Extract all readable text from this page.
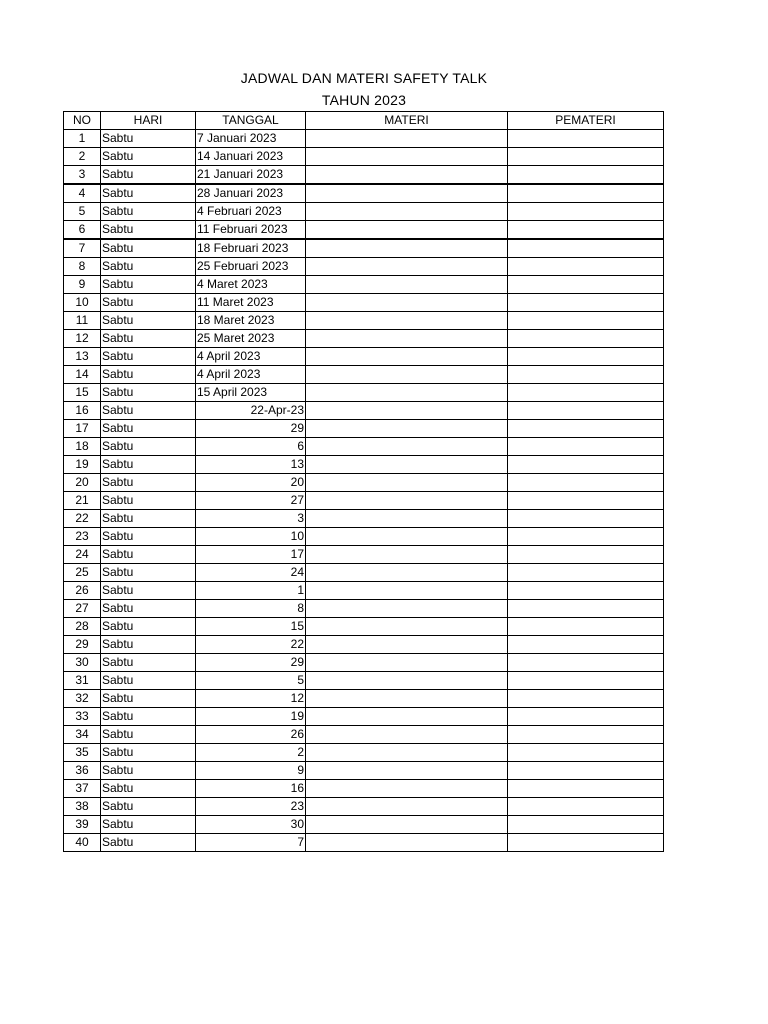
JADWAL DAN MATERI SAFETY TALK
TAHUN 2023
NO	HARI	TANGGAL	MATERI	PEMATERI
1	Sabtu	7 Januari 2023		
2	Sabtu	14 Januari 2023		
3	Sabtu	21 Januari 2023		
4	Sabtu	28 Januari 2023		
5	Sabtu	4 Februari 2023		
6	Sabtu	11 Februari 2023		
7	Sabtu	18 Februari 2023		
8	Sabtu	25 Februari 2023		
9	Sabtu	4 Maret 2023		
10	Sabtu	11 Maret 2023		
11	Sabtu	18 Maret 2023		
12	Sabtu	25 Maret 2023		
13	Sabtu	4 April 2023		
14	Sabtu	4 April 2023		
15	Sabtu	15 April 2023		
16	Sabtu	22-Apr-23		
17	Sabtu	29		
18	Sabtu	6		
19	Sabtu	13		
20	Sabtu	20		
21	Sabtu	27		
22	Sabtu	3		
23	Sabtu	10		
24	Sabtu	17		
25	Sabtu	24		
26	Sabtu	1		
27	Sabtu	8		
28	Sabtu	15		
29	Sabtu	22		
30	Sabtu	29		
31	Sabtu	5		
32	Sabtu	12		
33	Sabtu	19		
34	Sabtu	26		
35	Sabtu	2		
36	Sabtu	9		
37	Sabtu	16		
38	Sabtu	23		
39	Sabtu	30		
40	Sabtu	7		
